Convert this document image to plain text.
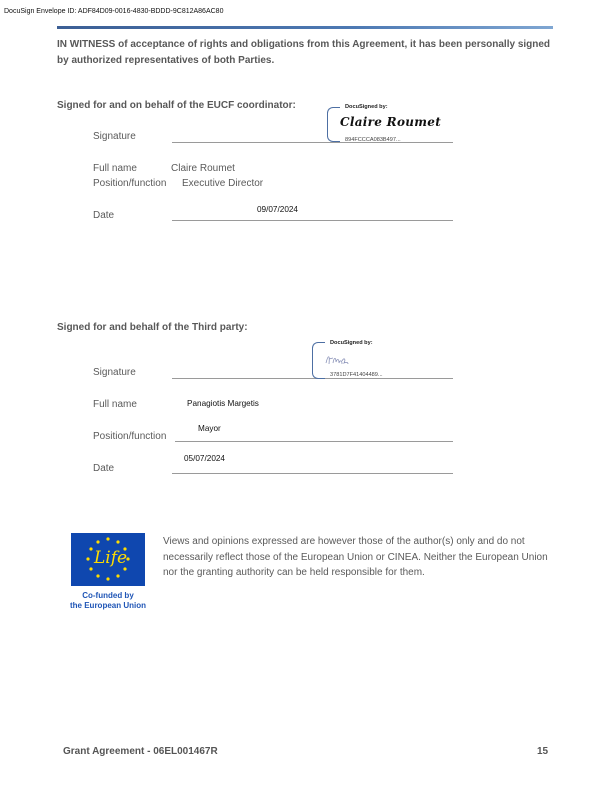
DocuSign Envelope ID: ADF84D09-0016-4830-BDDD-9C812A86AC80
IN WITNESS of acceptance of rights and obligations from this Agreement, it has been personally signed by authorized representatives of both Parties.
Signed for and on behalf of the EUCF coordinator:
Signature
DocuSigned by:
Claire Roumet
894FCCCA083B497...
Full name	Claire Roumet
Position/function Executive Director
Date
09/07/2024
Signed for and behalf of the Third party:
Signature
DocuSigned by:
3781D7F41404489...
Full name	Panagiotis Margetis
Position/function
Mayor
Date
05/07/2024
Life
Co-funded by
the European Union
Views and opinions expressed are however those of the author(s) only and do not necessarily reflect those of the European Union or CINEA. Neither the European Union nor the granting authority can be held responsible for them.
Grant Agreement - 06EL001467R	15
